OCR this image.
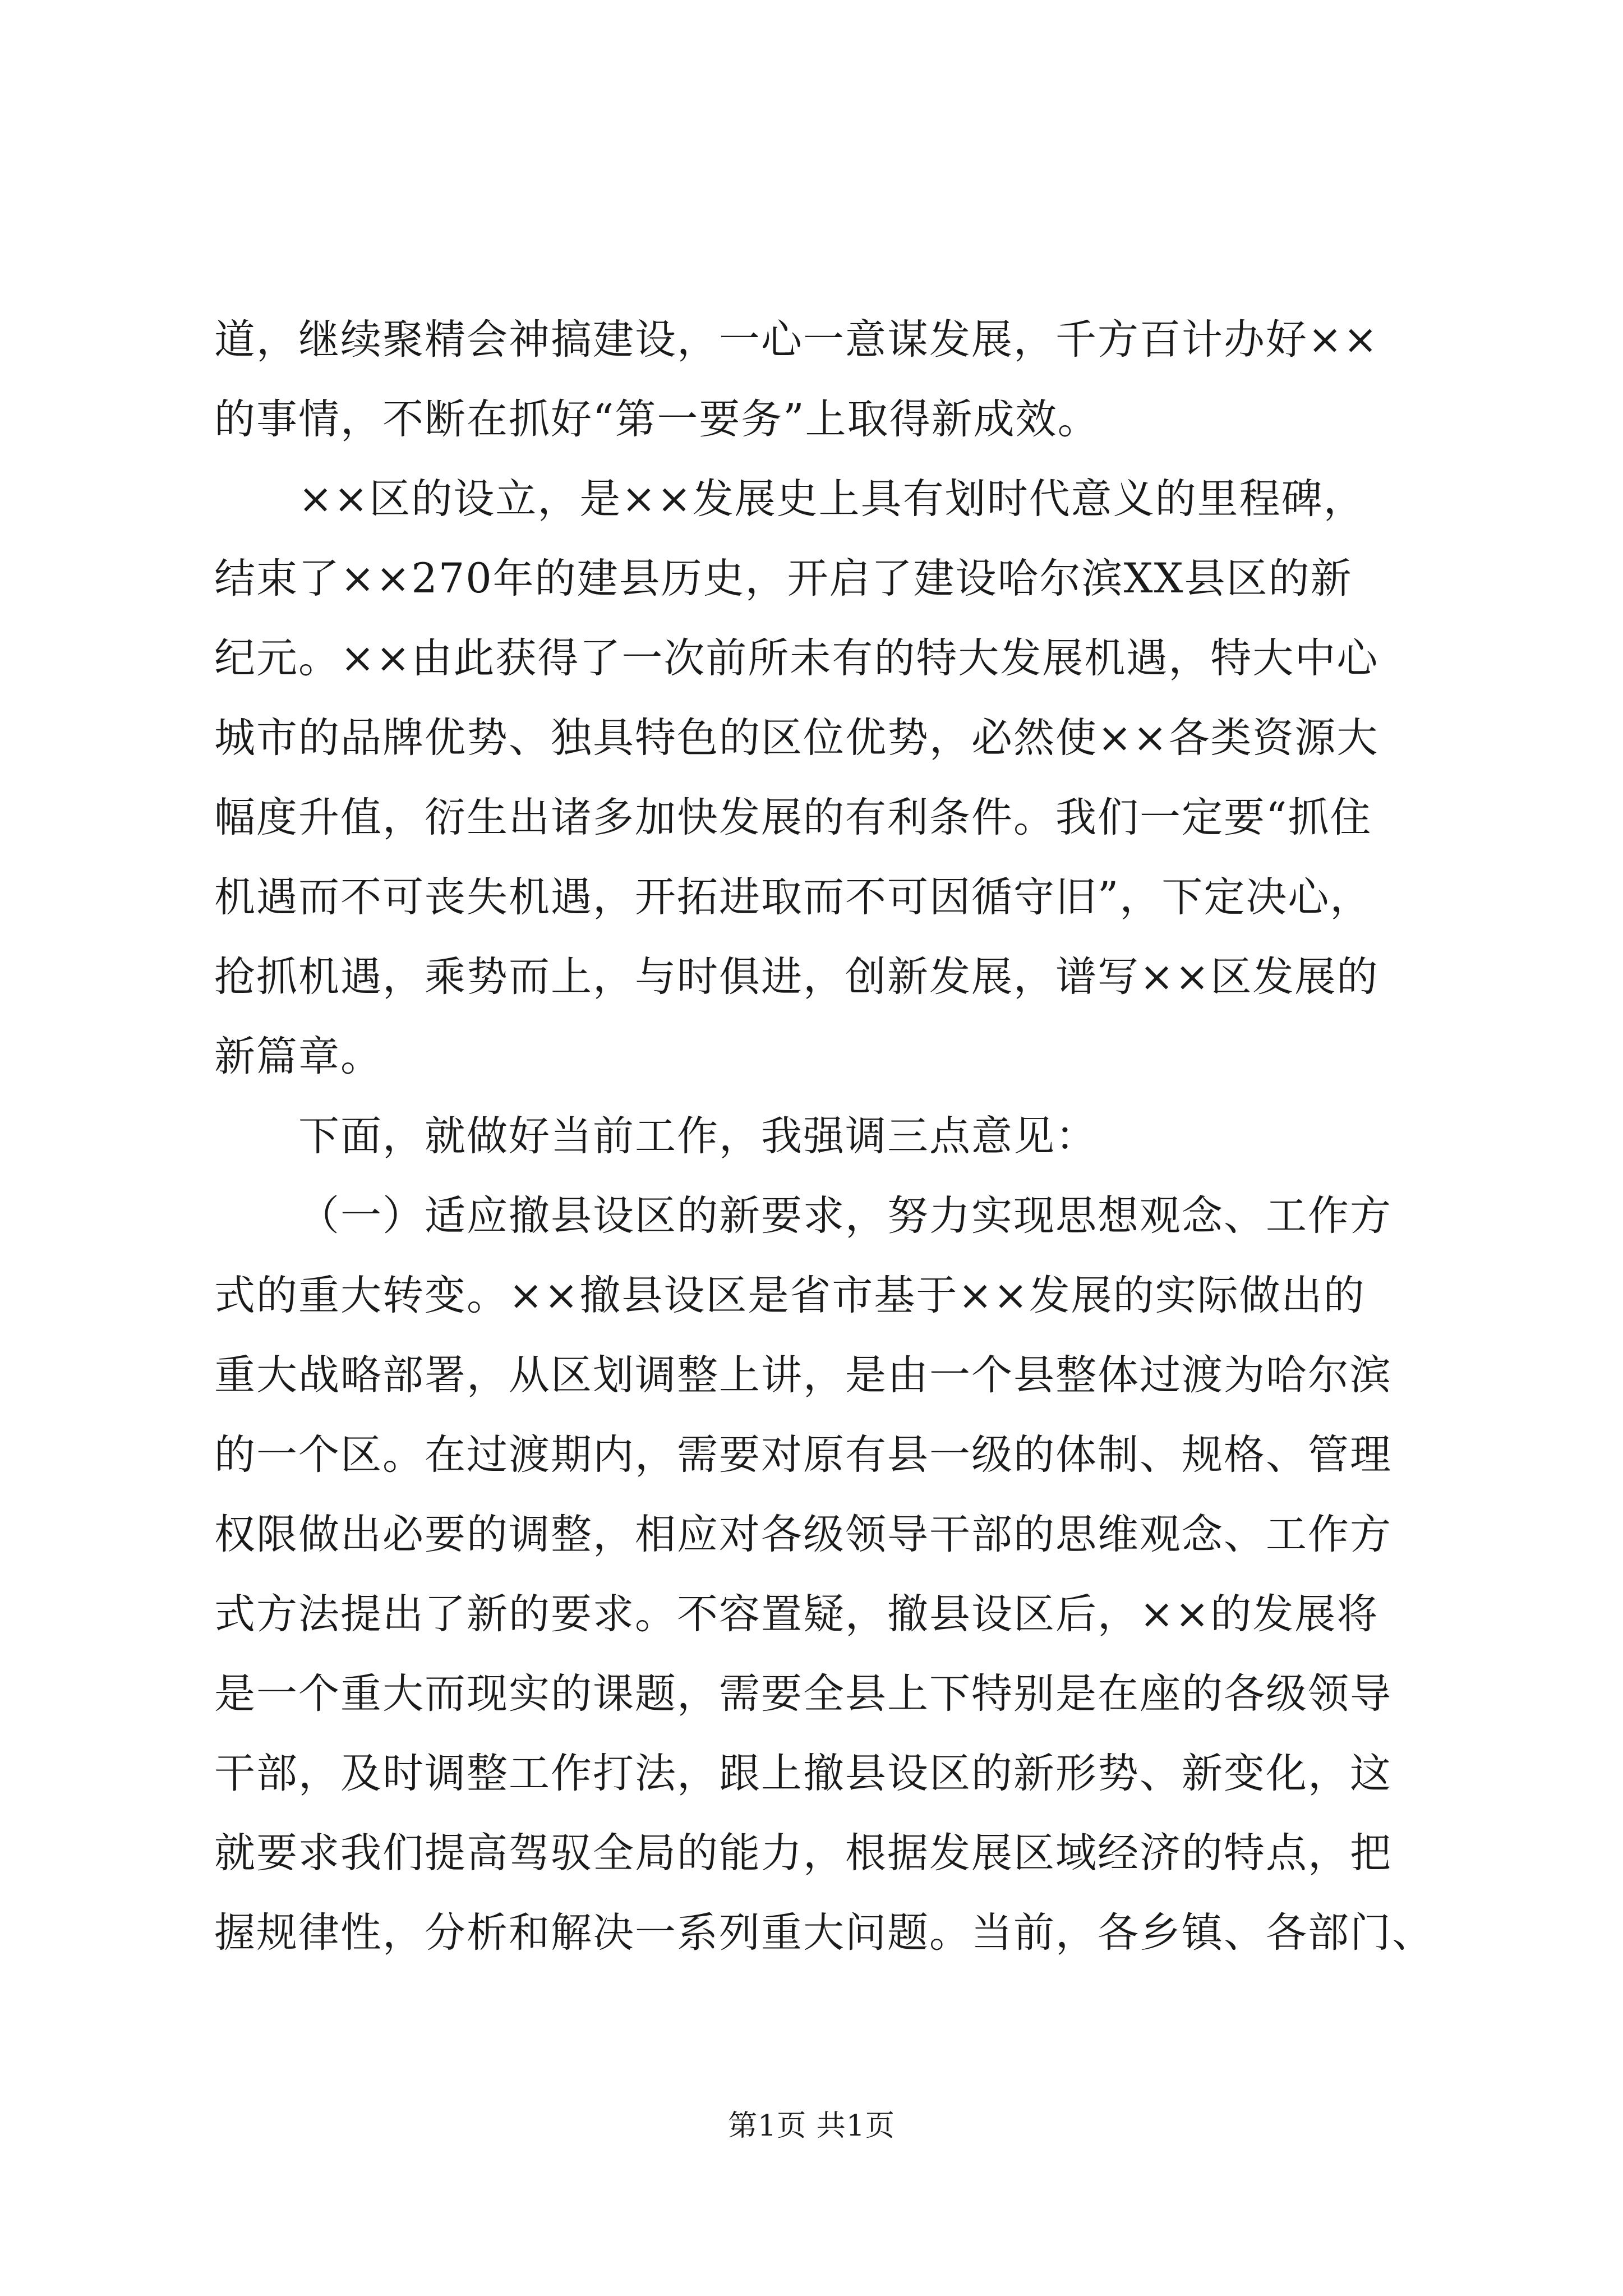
道，继续聚精会神搞建设，一心一意谋发展，千方百计办好××
的事情，不断在抓好“第一要务”上取得新成效。
××区的设立，是××发展史上具有划时代意义的里程碑，
结束了××270年的建县历史，开启了建设哈尔滨XX县区的新
纪元。××由此获得了一次前所未有的特大发展机遇，特大中心
城市的品牌优势、独具特色的区位优势，必然使××各类资源大
幅度升值，衍生出诸多加快发展的有利条件。我们一定要“抓住
机遇而不可丧失机遇，开拓进取而不可因循守旧”，下定决心，
抢抓机遇，乘势而上，与时俱进，创新发展，谱写××区发展的
新篇章。
下面，就做好当前工作，我强调三点意见：
（一）适应撤县设区的新要求，努力实现思想观念、工作方
式的重大转变。××撤县设区是省市基于××发展的实际做出的
重大战略部署，从区划调整上讲，是由一个县整体过渡为哈尔滨
的一个区。在过渡期内，需要对原有县一级的体制、规格、管理
权限做出必要的调整，相应对各级领导干部的思维观念、工作方
式方法提出了新的要求。不容置疑，撤县设区后，××的发展将
是一个重大而现实的课题，需要全县上下特别是在座的各级领导
干部，及时调整工作打法，跟上撤县设区的新形势、新变化，这
就要求我们提高驾驭全局的能力，根据发展区域经济的特点，把
握规律性，分析和解决一系列重大问题。当前，各乡镇、各部门、
第1页 共1页
